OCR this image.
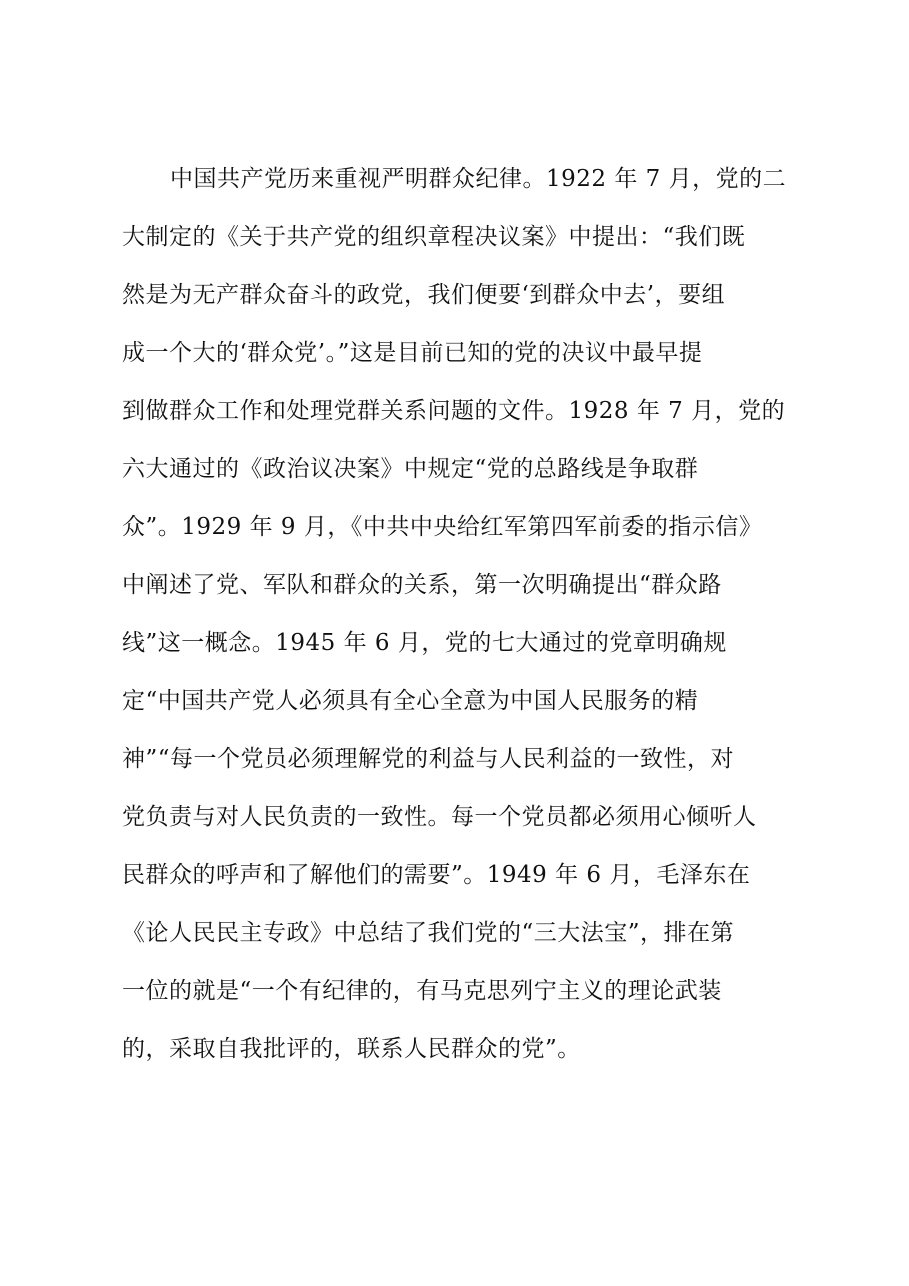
中国共产党历来重视严明群众纪律。1922 年 7 月，党的二
大制定的《关于共产党的组织章程决议案》中提出：“我们既
然是为无产群众奋斗的政党，我们便要‘到群众中去’，要组
成一个大的‘群众党’。”这是目前已知的党的决议中最早提
到做群众工作和处理党群关系问题的文件。1928 年 7 月，党的
六大通过的《政治议决案》中规定“党的总路线是争取群
众”。1929 年 9 月，《中共中央给红军第四军前委的指示信》
中阐述了党、军队和群众的关系，第一次明确提出“群众路
线”这一概念。1945 年 6 月，党的七大通过的党章明确规
定“中国共产党人必须具有全心全意为中国人民服务的精
神”“每一个党员必须理解党的利益与人民利益的一致性，对
党负责与对人民负责的一致性。每一个党员都必须用心倾听人
民群众的呼声和了解他们的需要”。1949 年 6 月，毛泽东在
《论人民民主专政》中总结了我们党的“三大法宝”，排在第
一位的就是“一个有纪律的，有马克思列宁主义的理论武装
的，采取自我批评的，联系人民群众的党”。
